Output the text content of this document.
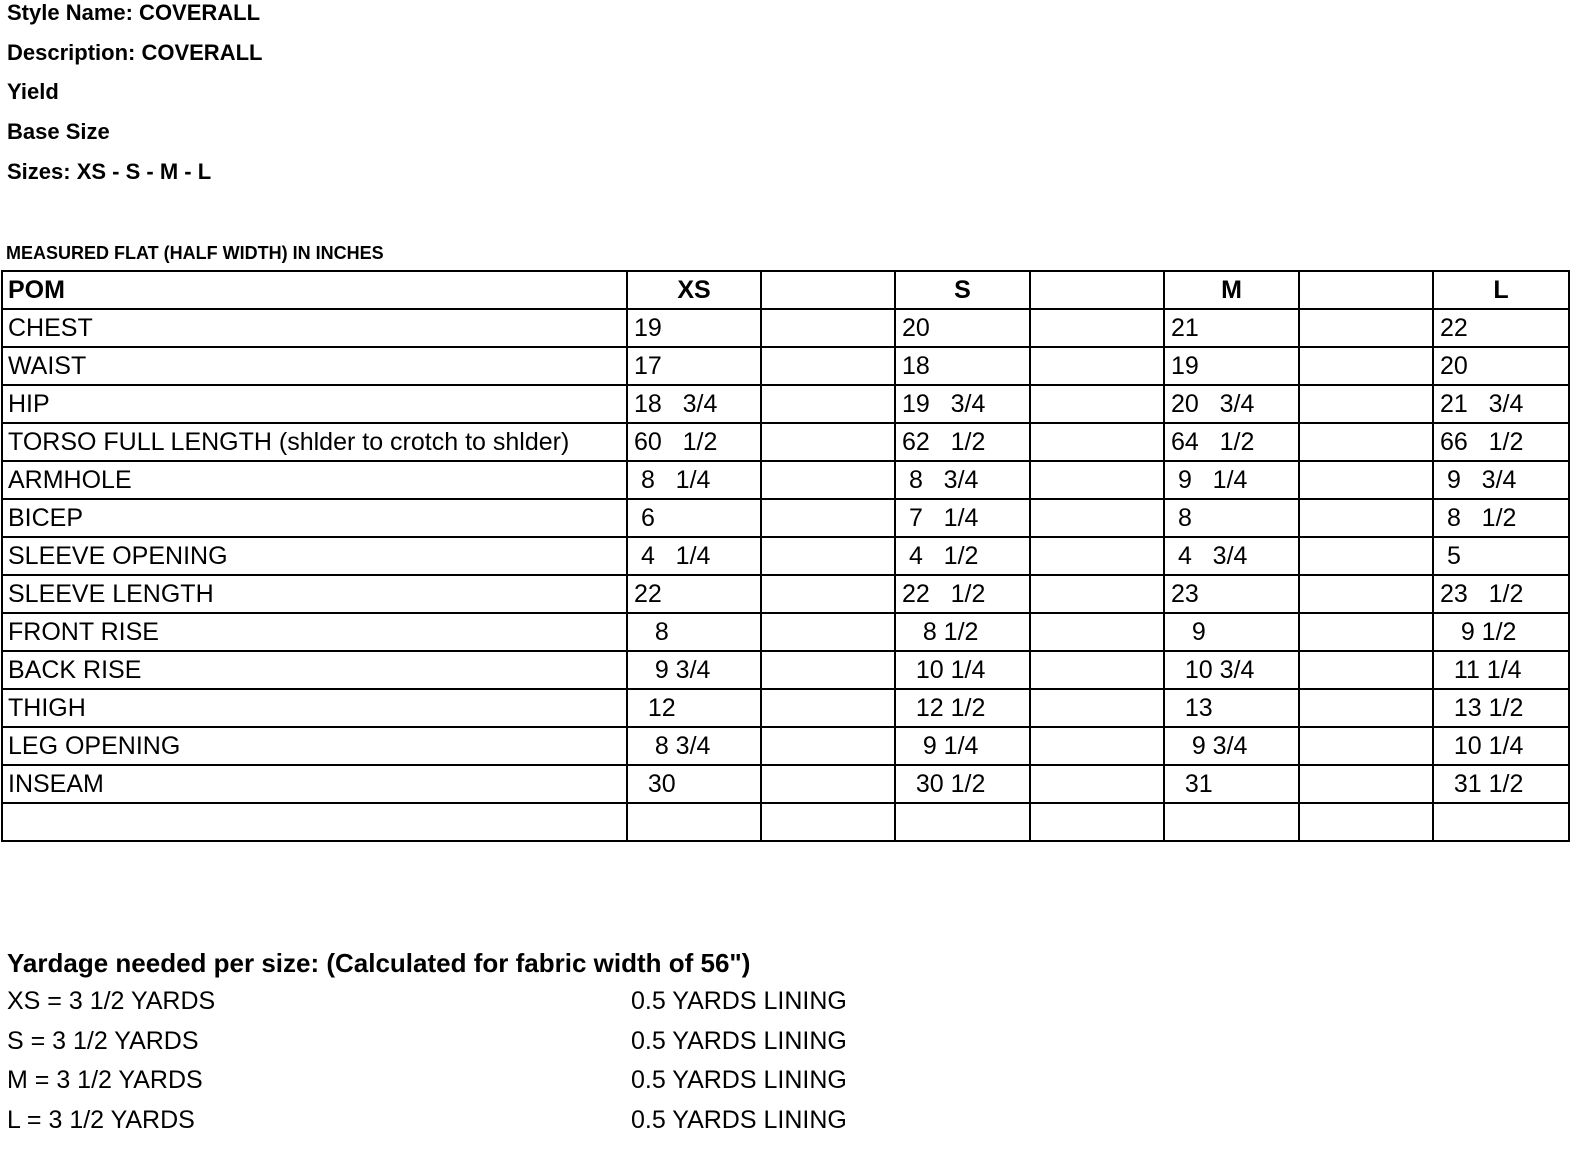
Style Name: COVERALL
Description: COVERALL
Yield
Base Size
Sizes: XS - S - M - L
MEASURED FLAT (HALF WIDTH) IN INCHES
POM	XS		S		M		L
CHEST	19		20		21		22
WAIST	17		18		19		20
HIP	18   3/4		19   3/4		20   3/4		21   3/4
TORSO FULL LENGTH (shlder to crotch to shlder)	60   1/2		62   1/2		64   1/2		66   1/2
ARMHOLE	8   1/4		8   3/4		9   1/4		9   3/4
BICEP	6		7   1/4		8		8   1/2
SLEEVE OPENING	4   1/4		4   1/2		4   3/4		5
SLEEVE LENGTH	22		22   1/2		23		23   1/2
FRONT RISE	8		8 1/2		9		9 1/2
BACK RISE	9 3/4		10 1/4		10 3/4		11 1/4
THIGH	12		12 1/2		13		13 1/2
LEG OPENING	8 3/4		9 1/4		9 3/4		10 1/4
INSEAM	30		30 1/2		31		31 1/2

Yardage needed per size: (Calculated for fabric width of 56")
XS = 3 1/2 YARDS	0.5 YARDS LINING
S = 3 1/2 YARDS	0.5 YARDS LINING
M = 3 1/2 YARDS	0.5 YARDS LINING
L = 3 1/2 YARDS	0.5 YARDS LINING
